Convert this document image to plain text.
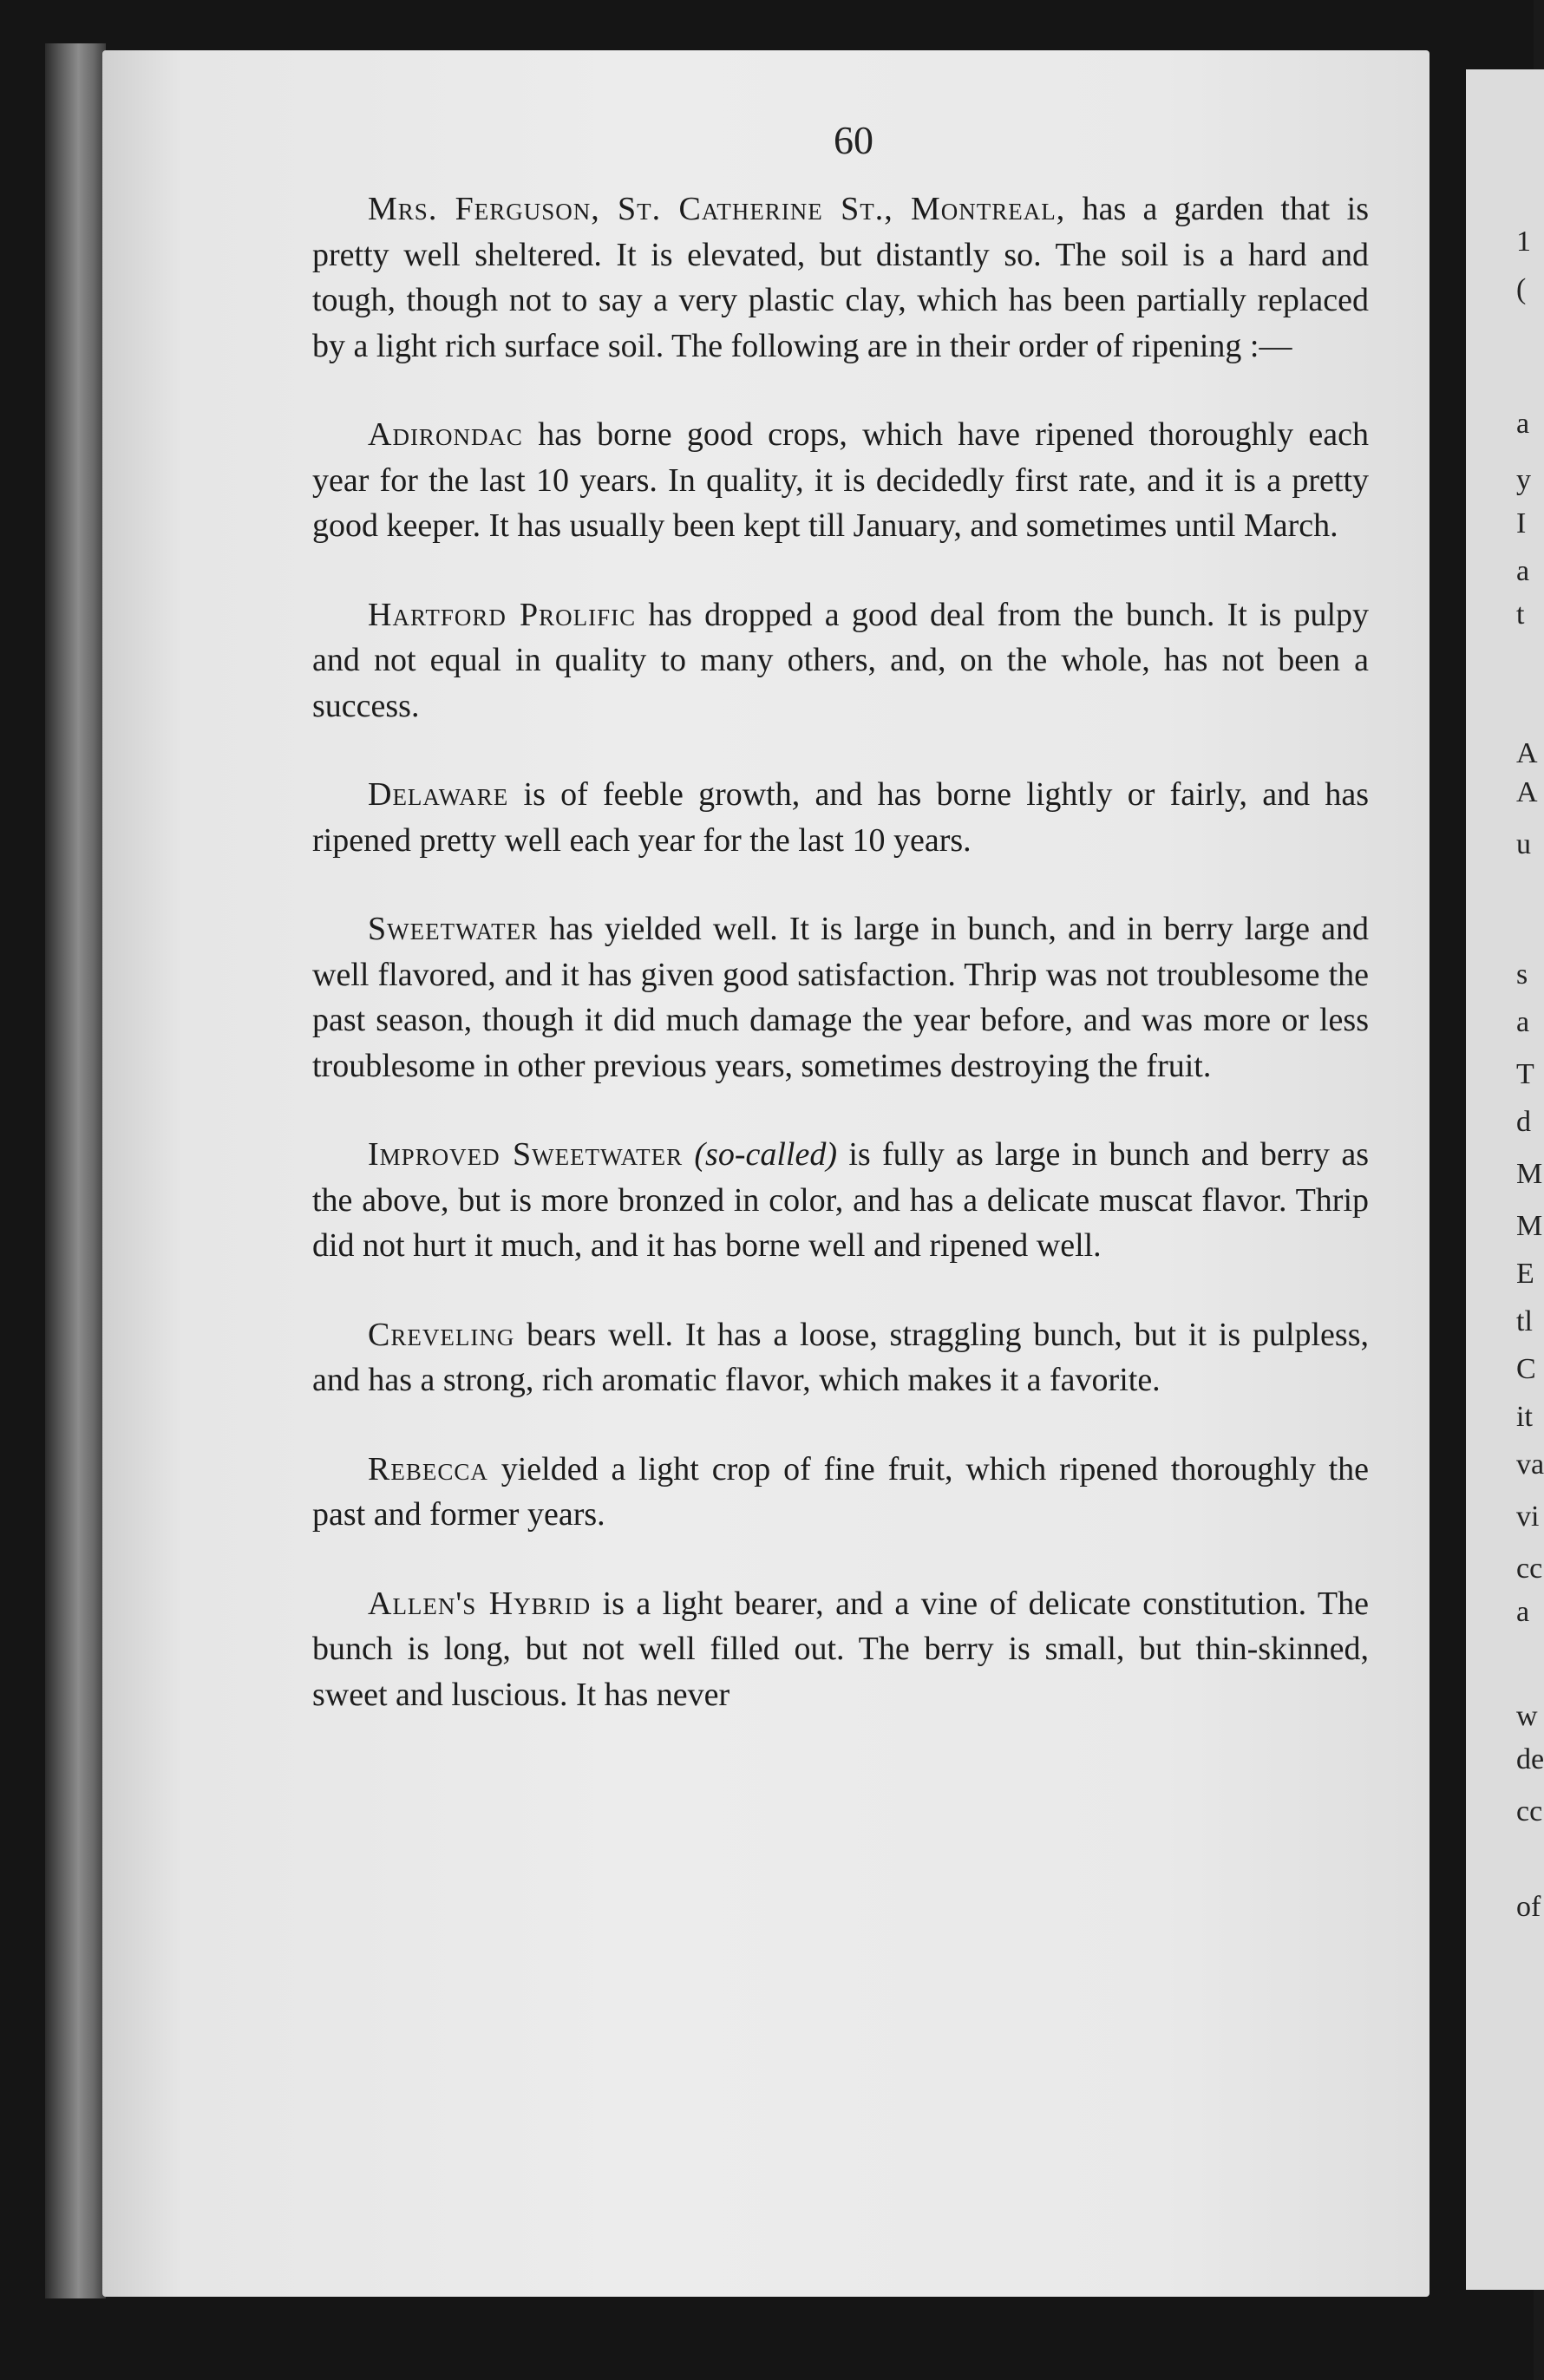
1
(
a
y
I
a
t
A
A
u
s
a
T
d
M
M
E
tl
C
it
va
vi
cc
a
w
de
cc
of
60

Mrs. Ferguson, St. Catherine St., Montreal, has a garden that is pretty well sheltered. It is elevated, but distantly so. The soil is a hard and tough, though not to say a very plastic clay, which has been partially replaced by a light rich surface soil. The following are in their order of ripening :—

Adirondac has borne good crops, which have ripened thoroughly each year for the last 10 years. In quality, it is decidedly first rate, and it is a pretty good keeper. It has usually been kept till January, and sometimes until March.

Hartford Prolific has dropped a good deal from the bunch. It is pulpy and not equal in quality to many others, and, on the whole, has not been a success.

Delaware is of feeble growth, and has borne lightly or fairly, and has ripened pretty well each year for the last 10 years.

Sweetwater has yielded well. It is large in bunch, and in berry large and well flavored, and it has given good satisfaction. Thrip was not troublesome the past season, though it did much damage the year before, and was more or less troublesome in other previous years, sometimes destroying the fruit.

Improved Sweetwater (so-called) is fully as large in bunch and berry as the above, but is more bronzed in color, and has a delicate muscat flavor. Thrip did not hurt it much, and it has borne well and ripened well.

Creveling bears well. It has a loose, straggling bunch, but it is pulpless, and has a strong, rich aromatic flavor, which makes it a favorite.

Rebecca yielded a light crop of fine fruit, which ripened thoroughly the past and former years.

Allen's Hybrid is a light bearer, and a vine of delicate constitution. The bunch is long, but not well filled out. The berry is small, but thin-skinned, sweet and luscious. It has never
